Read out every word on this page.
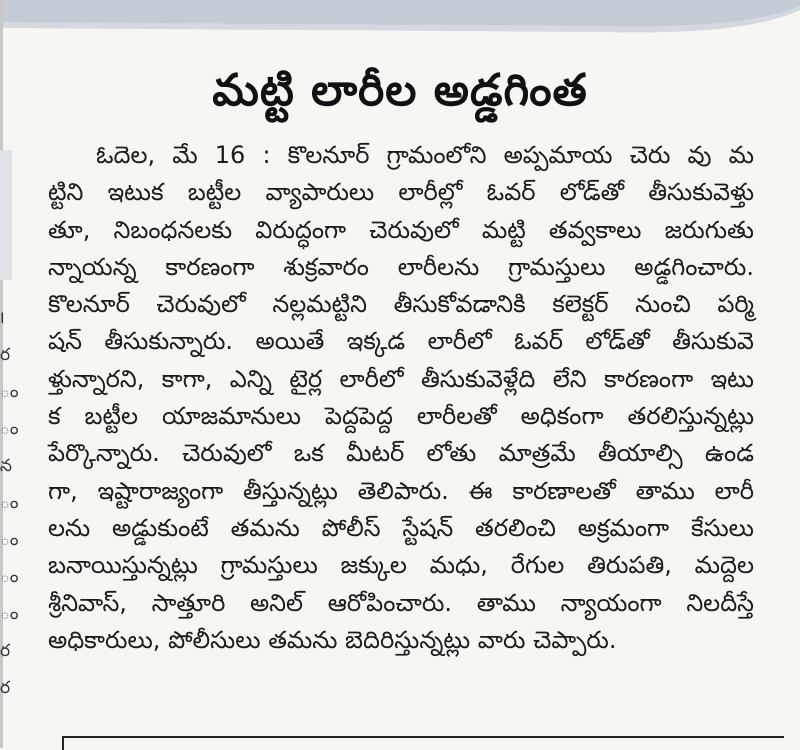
౹
ర
ం
ం
న
ం
ం
ం
ం
ర
ర
మట్టి లారీల అడ్డగింత
ఓదెల, మే 16 : కొలనూర్ గ్రామంలోని అప్పమాయ చెరు వు మ
ట్టిని ఇటుక బట్టీల వ్యాపారులు లారీల్లో ఓవర్ లోడ్‌తో తీసుకువెళ్తు
తూ, నిబంధనలకు విరుద్ధంగా చెరువులో మట్టి తవ్వకాలు జరుగుతు
న్నాయన్న కారణంగా శుక్రవారం లారీలను గ్రామస్తులు అడ్డగించారు.
కొలనూర్ చెరువులో నల్లమట్టిని తీసుకోవడానికి కలెక్టర్ నుంచి పర్మి
షన్ తీసుకున్నారు. అయితే ఇక్కడ లారీలో ఓవర్ లోడ్‌తో తీసుకువె
ళ్తున్నారని, కాగా, ఎన్ని టైర్ల లారీలో తీసుకువెళ్లేది లేని కారణంగా ఇటు
క బట్టీల యాజమానులు పెద్దపెద్ద లారీలతో అధికంగా తరలిస్తున్నట్లు
పేర్కొన్నారు. చెరువులో ఒక మీటర్ లోతు మాత్రమే తీయాల్సి ఉండ
గా, ఇష్టారాజ్యంగా తీస్తున్నట్లు తెలిపారు. ఈ కారణాలతో తాము లారీ
లను అడ్డుకుంటే తమను పోలీస్ స్టేషన్ తరలించి అక్రమంగా కేసులు
బనాయిస్తున్నట్లు గ్రామస్తులు జక్కుల మధు, రేగుల తిరుపతి, మద్దెల
శ్రీనివాస్, సాత్తూరి అనిల్ ఆరోపించారు. తాము న్యాయంగా నిలదీస్తే
అధికారులు, పోలీసులు తమను బెదిరిస్తున్నట్లు వారు చెప్పారు.
